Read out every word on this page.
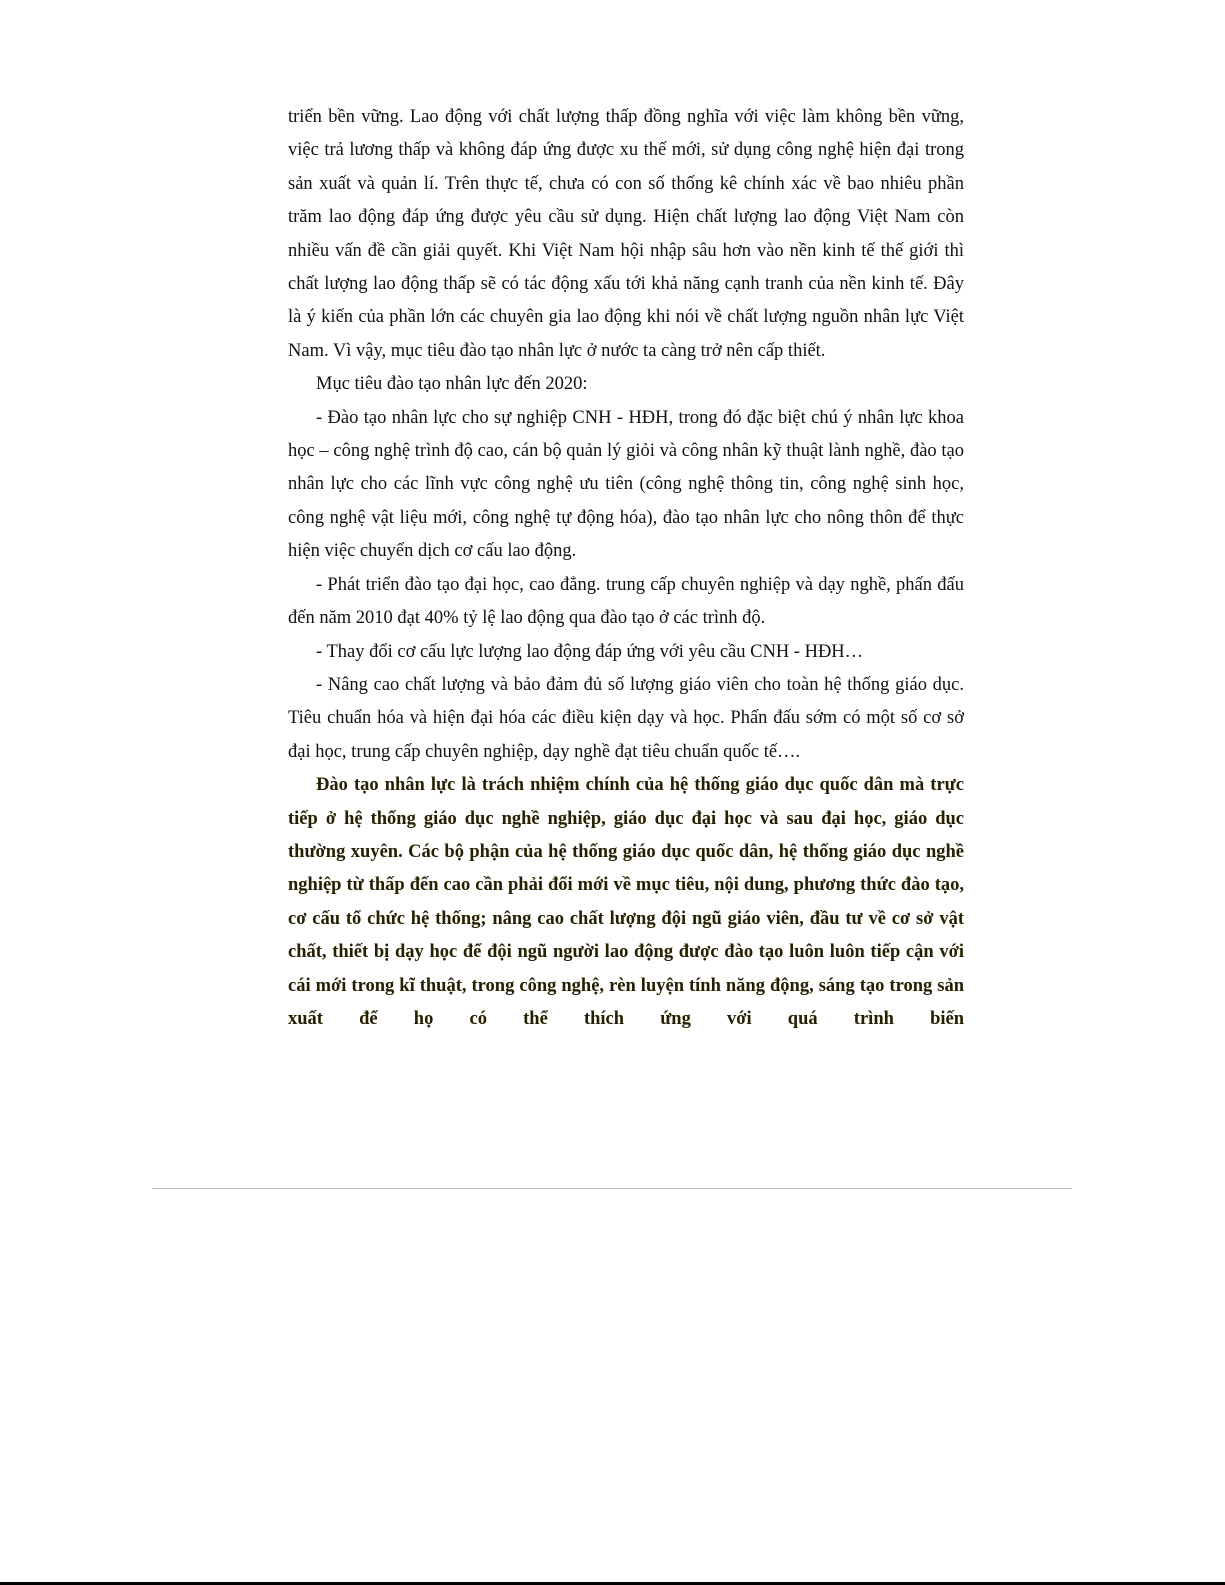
triển bền vững. Lao động với chất lượng thấp đồng nghĩa với việc làm không bền vững, việc trả lương thấp và không đáp ứng được xu thế mới, sử dụng công nghệ hiện đại trong sản xuất và quản lí. Trên thực tế, chưa có con số thống kê chính xác về bao nhiêu phần trăm lao động đáp ứng được yêu cầu sử dụng. Hiện chất lượng lao động Việt Nam còn nhiều vấn đề cần giải quyết. Khi Việt Nam hội nhập sâu hơn vào nền kinh tế thế giới thì chất lượng lao động thấp sẽ có tác động xấu tới khả năng cạnh tranh của nền kinh tế. Đây là ý kiến của phần lớn các chuyên gia lao động khi nói về chất lượng nguồn nhân lực Việt Nam. Vì vậy, mục tiêu đào tạo nhân lực ở nước ta càng trở nên cấp thiết.

Mục tiêu đào tạo nhân lực đến 2020:

- Đào tạo nhân lực cho sự nghiệp CNH - HĐH, trong đó đặc biệt chú ý nhân lực khoa học – công nghệ trình độ cao, cán bộ quản lý giỏi và công nhân kỹ thuật lành nghề, đào tạo nhân lực cho các lĩnh vực công nghệ ưu tiên (công nghệ thông tin, công nghệ sinh học, công nghệ vật liệu mới, công nghệ tự động hóa), đào tạo nhân lực cho nông thôn để thực hiện việc chuyển dịch cơ cấu lao động.

- Phát triển đào tạo đại học, cao đẳng. trung cấp chuyên nghiệp và dạy nghề, phấn đấu đến năm 2010 đạt 40% tỷ lệ lao động qua đào tạo ở các trình độ.

- Thay đổi cơ cấu lực lượng lao động đáp ứng với yêu cầu CNH - HĐH…

- Nâng cao chất lượng và bảo đảm đủ số lượng giáo viên cho toàn hệ thống giáo dục. Tiêu chuẩn hóa và hiện đại hóa các điều kiện dạy và học. Phấn đấu sớm có một số cơ sở đại học, trung cấp chuyên nghiệp, dạy nghề đạt tiêu chuẩn quốc tế….

Đào tạo nhân lực là trách nhiệm chính của hệ thống giáo dục quốc dân mà trực tiếp ở hệ thống giáo dục nghề nghiệp, giáo dục đại học và sau đại học, giáo dục thường xuyên. Các bộ phận của hệ thống giáo dục quốc dân, hệ thống giáo dục nghề nghiệp từ thấp đến cao cần phải đổi mới về mục tiêu, nội dung, phương thức đào tạo, cơ cấu tổ chức hệ thống; nâng cao chất lượng đội ngũ giáo viên, đầu tư về cơ sở vật chất, thiết bị dạy học để đội ngũ người lao động được đào tạo luôn luôn tiếp cận với cái mới trong kĩ thuật, trong công nghệ, rèn luyện tính năng động, sáng tạo trong sản xuất để họ có thể thích ứng với quá trình biến
